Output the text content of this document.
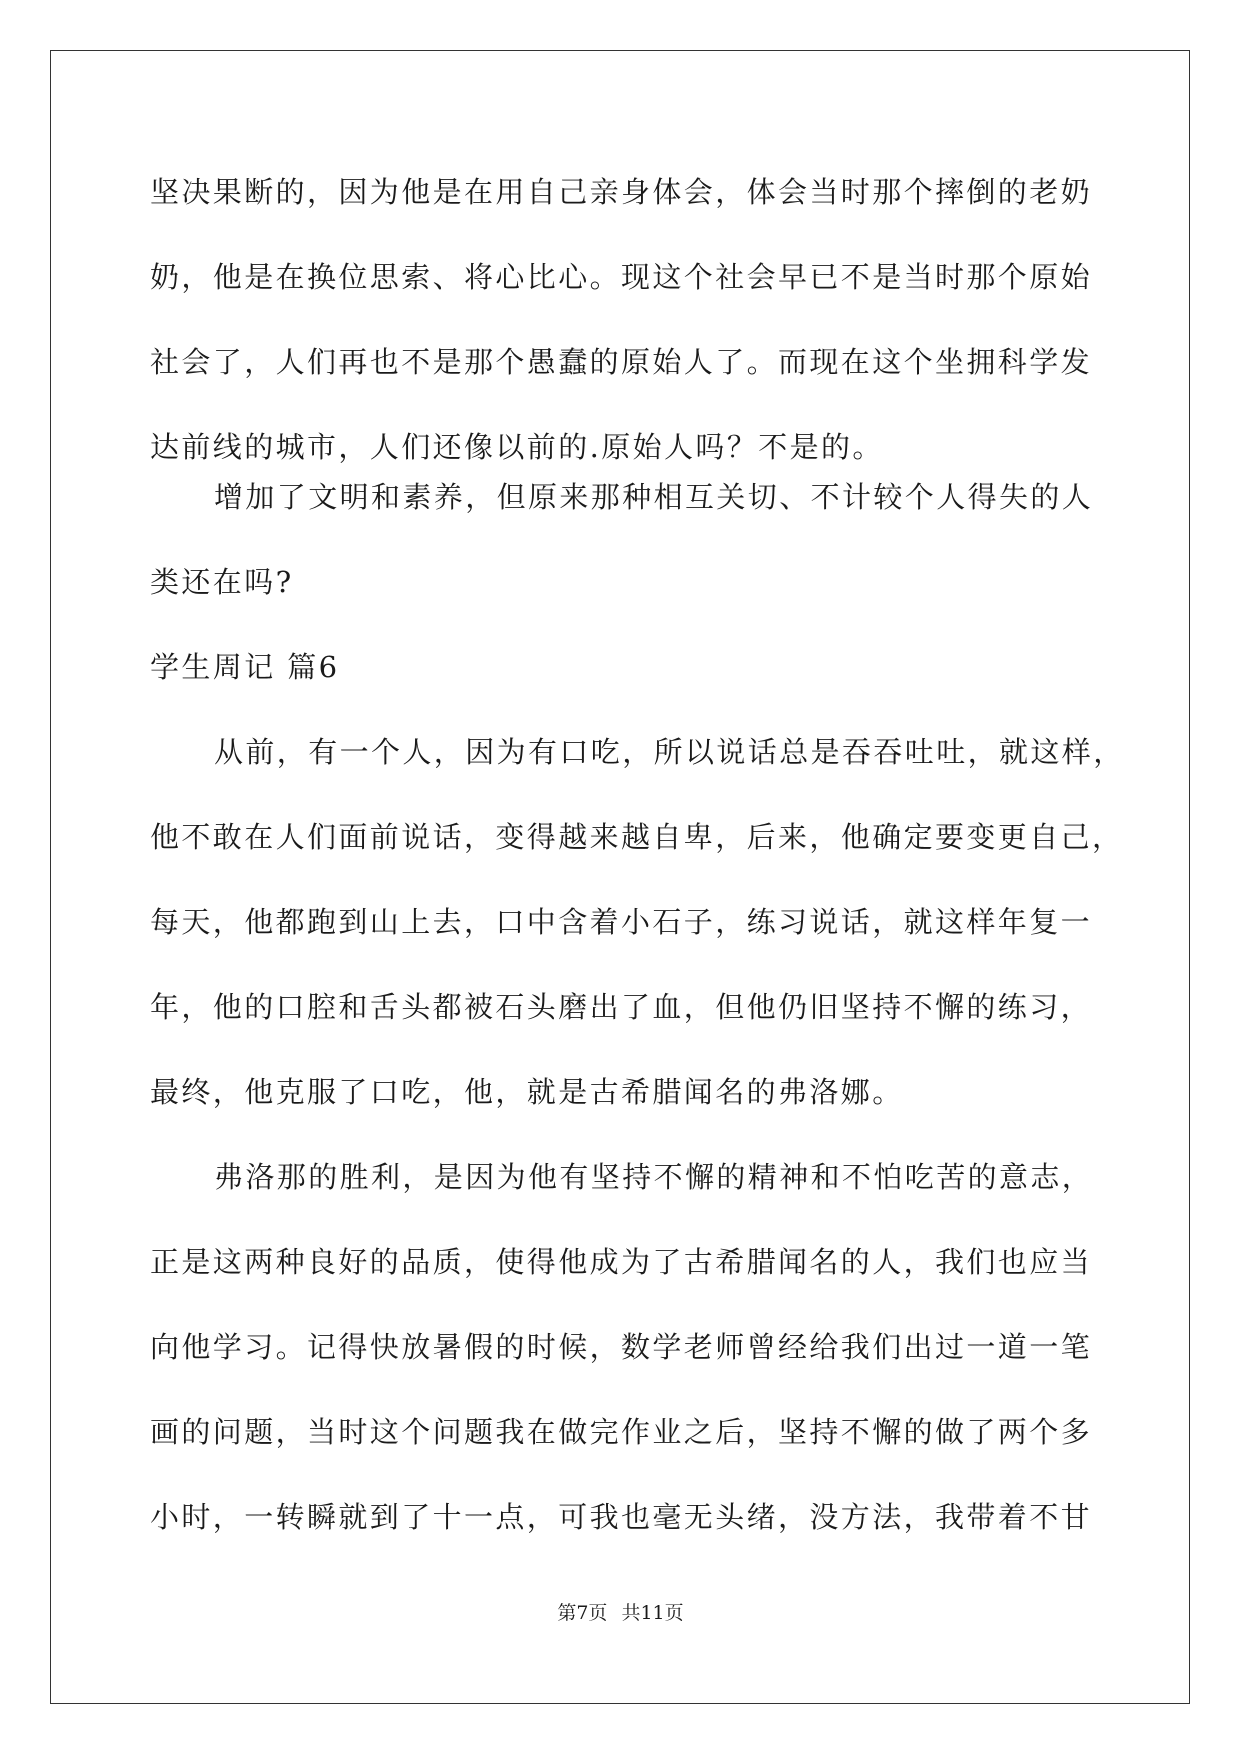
坚决果断的，因为他是在用自己亲身体会，体会当时那个摔倒的老奶
奶，他是在换位思索、将心比心。现这个社会早已不是当时那个原始
社会了，人们再也不是那个愚蠢的原始人了。而现在这个坐拥科学发
达前线的城市，人们还像以前的.原始人吗？不是的。
增加了文明和素养，但原来那种相互关切、不计较个人得失的人
类还在吗?
学生周记 篇6
从前，有一个人，因为有口吃，所以说话总是吞吞吐吐，就这样，
他不敢在人们面前说话，变得越来越自卑，后来，他确定要变更自己，
每天，他都跑到山上去，口中含着小石子，练习说话，就这样年复一
年，他的口腔和舌头都被石头磨出了血，但他仍旧坚持不懈的练习，
最终，他克服了口吃，他，就是古希腊闻名的弗洛娜。
弗洛那的胜利，是因为他有坚持不懈的精神和不怕吃苦的意志，
正是这两种良好的品质，使得他成为了古希腊闻名的人，我们也应当
向他学习。记得快放暑假的时候，数学老师曾经给我们出过一道一笔
画的问题，当时这个问题我在做完作业之后，坚持不懈的做了两个多
小时，一转瞬就到了十一点，可我也毫无头绪，没方法，我带着不甘
第7页 共11页
